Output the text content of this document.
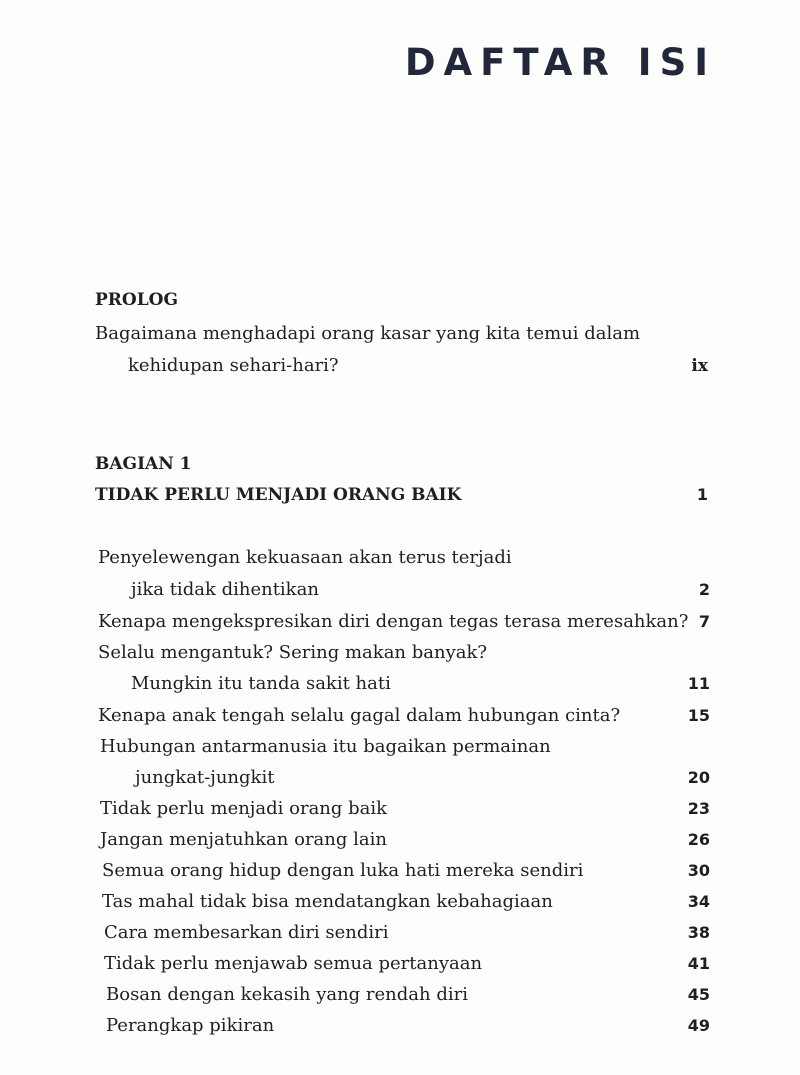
DAFTAR ISI
PROLOG
Bagaimana menghadapi orang kasar yang kita temui dalam
kehidupan sehari-hari?	ix
BAGIAN 1
TIDAK PERLU MENJADI ORANG BAIK	1
Penyelewengan kekuasaan akan terus terjadi
jika tidak dihentikan	2
Kenapa mengekspresikan diri dengan tegas terasa meresahkan? 7
Selalu mengantuk? Sering makan banyak?
Mungkin itu tanda sakit hati	11
Kenapa anak tengah selalu gagal dalam hubungan cinta?	15
Hubungan antarmanusia itu bagaikan permainan
jungkat-jungkit	20
Tidak perlu menjadi orang baik	23
Jangan menjatuhkan orang lain	26
Semua orang hidup dengan luka hati mereka sendiri	30
Tas mahal tidak bisa mendatangkan kebahagiaan	34
Cara membesarkan diri sendiri	38
Tidak perlu menjawab semua pertanyaan	41
Bosan dengan kekasih yang rendah diri	45
Perangkap pikiran	49
